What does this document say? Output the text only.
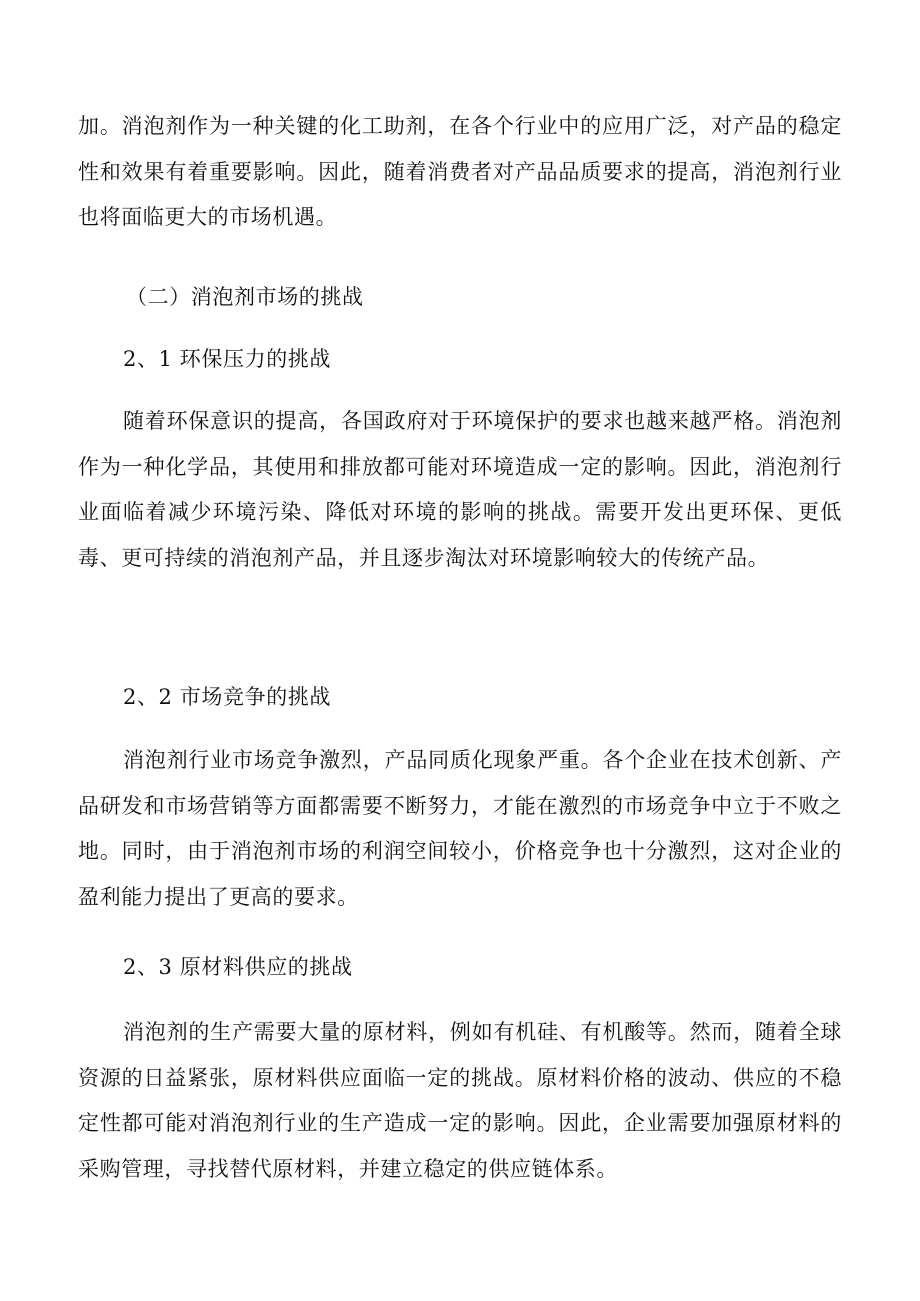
加。消泡剂作为一种关键的化工助剂，在各个行业中的应用广泛，对产品的稳定性和效果有着重要影响。因此，随着消费者对产品品质要求的提高，消泡剂行业也将面临更大的市场机遇。

（二）消泡剂市场的挑战
2、1 环保压力的挑战

随着环保意识的提高，各国政府对于环境保护的要求也越来越严格。消泡剂作为一种化学品，其使用和排放都可能对环境造成一定的影响。因此，消泡剂行业面临着减少环境污染、降低对环境的影响的挑战。需要开发出更环保、更低毒、更可持续的消泡剂产品，并且逐步淘汰对环境影响较大的传统产品。

2、2 市场竞争的挑战

消泡剂行业市场竞争激烈，产品同质化现象严重。各个企业在技术创新、产品研发和市场营销等方面都需要不断努力，才能在激烈的市场竞争中立于不败之地。同时，由于消泡剂市场的利润空间较小，价格竞争也十分激烈，这对企业的盈利能力提出了更高的要求。

2、3 原材料供应的挑战

消泡剂的生产需要大量的原材料，例如有机硅、有机酸等。然而，随着全球资源的日益紧张，原材料供应面临一定的挑战。原材料价格的波动、供应的不稳定性都可能对消泡剂行业的生产造成一定的影响。因此，企业需要加强原材料的采购管理，寻找替代原材料，并建立稳定的供应链体系。
